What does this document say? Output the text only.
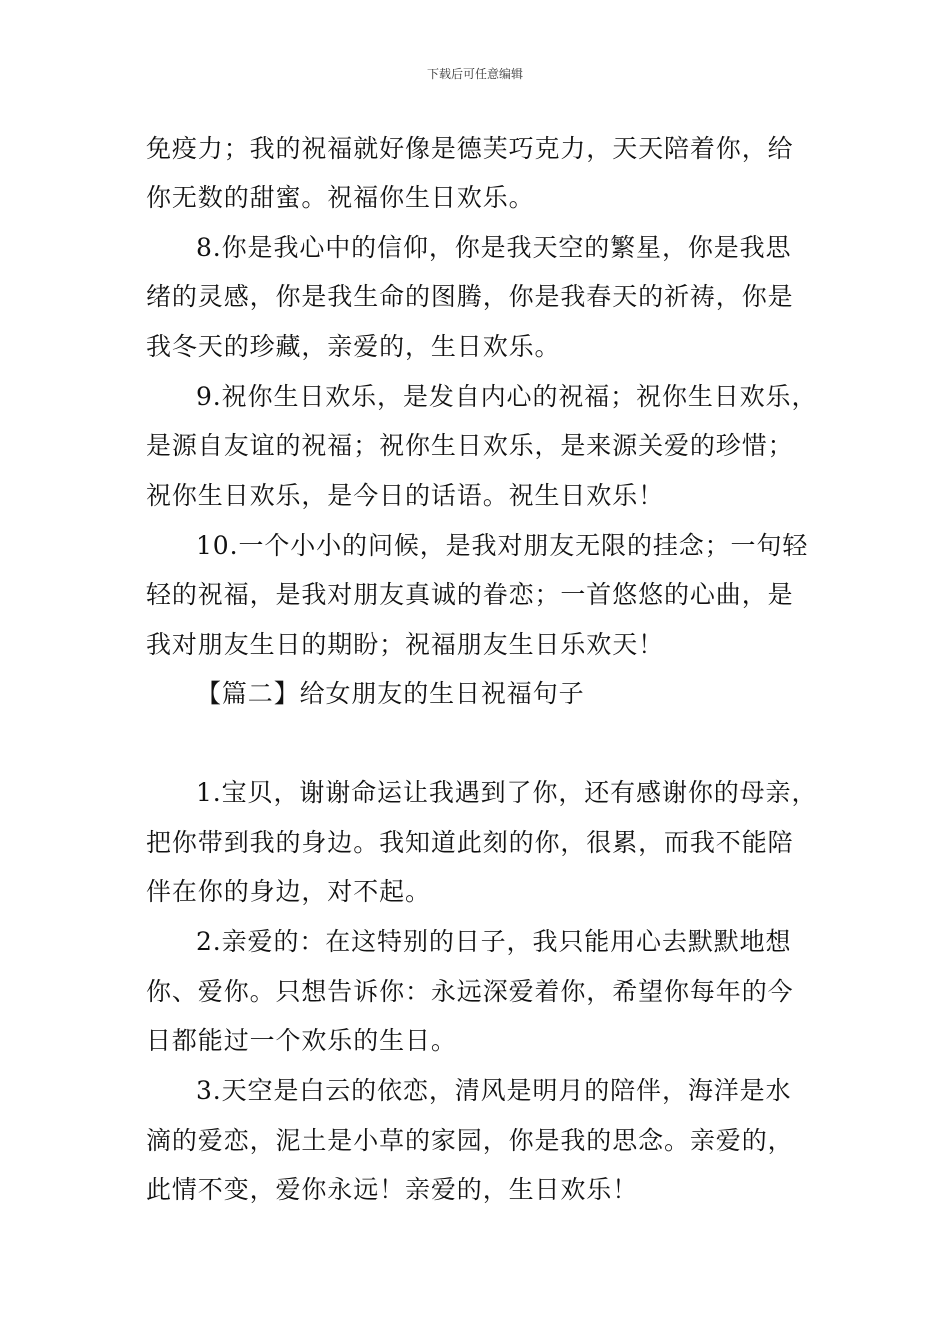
下载后可任意编辑
免疫力；我的祝福就好像是德芙巧克力，天天陪着你，给
你无数的甜蜜。祝福你生日欢乐。
8.你是我心中的信仰，你是我天空的繁星，你是我思
绪的灵感，你是我生命的图腾，你是我春天的祈祷，你是
我冬天的珍藏，亲爱的，生日欢乐。
9.祝你生日欢乐，是发自内心的祝福；祝你生日欢乐，
是源自友谊的祝福；祝你生日欢乐，是来源关爱的珍惜；
祝你生日欢乐，是今日的话语。祝生日欢乐！
10.一个小小的问候，是我对朋友无限的挂念；一句轻
轻的祝福，是我对朋友真诚的眷恋；一首悠悠的心曲，是
我对朋友生日的期盼；祝福朋友生日乐欢天！
【篇二】给女朋友的生日祝福句子
1.宝贝，谢谢命运让我遇到了你，还有感谢你的母亲，
把你带到我的身边。我知道此刻的你，很累，而我不能陪
伴在你的身边，对不起。
2.亲爱的：在这特别的日子，我只能用心去默默地想
你、爱你。只想告诉你：永远深爱着你，希望你每年的今
日都能过一个欢乐的生日。
3.天空是白云的依恋，清风是明月的陪伴，海洋是水
滴的爱恋，泥土是小草的家园，你是我的思念。亲爱的，
此情不变，爱你永远！亲爱的，生日欢乐！
